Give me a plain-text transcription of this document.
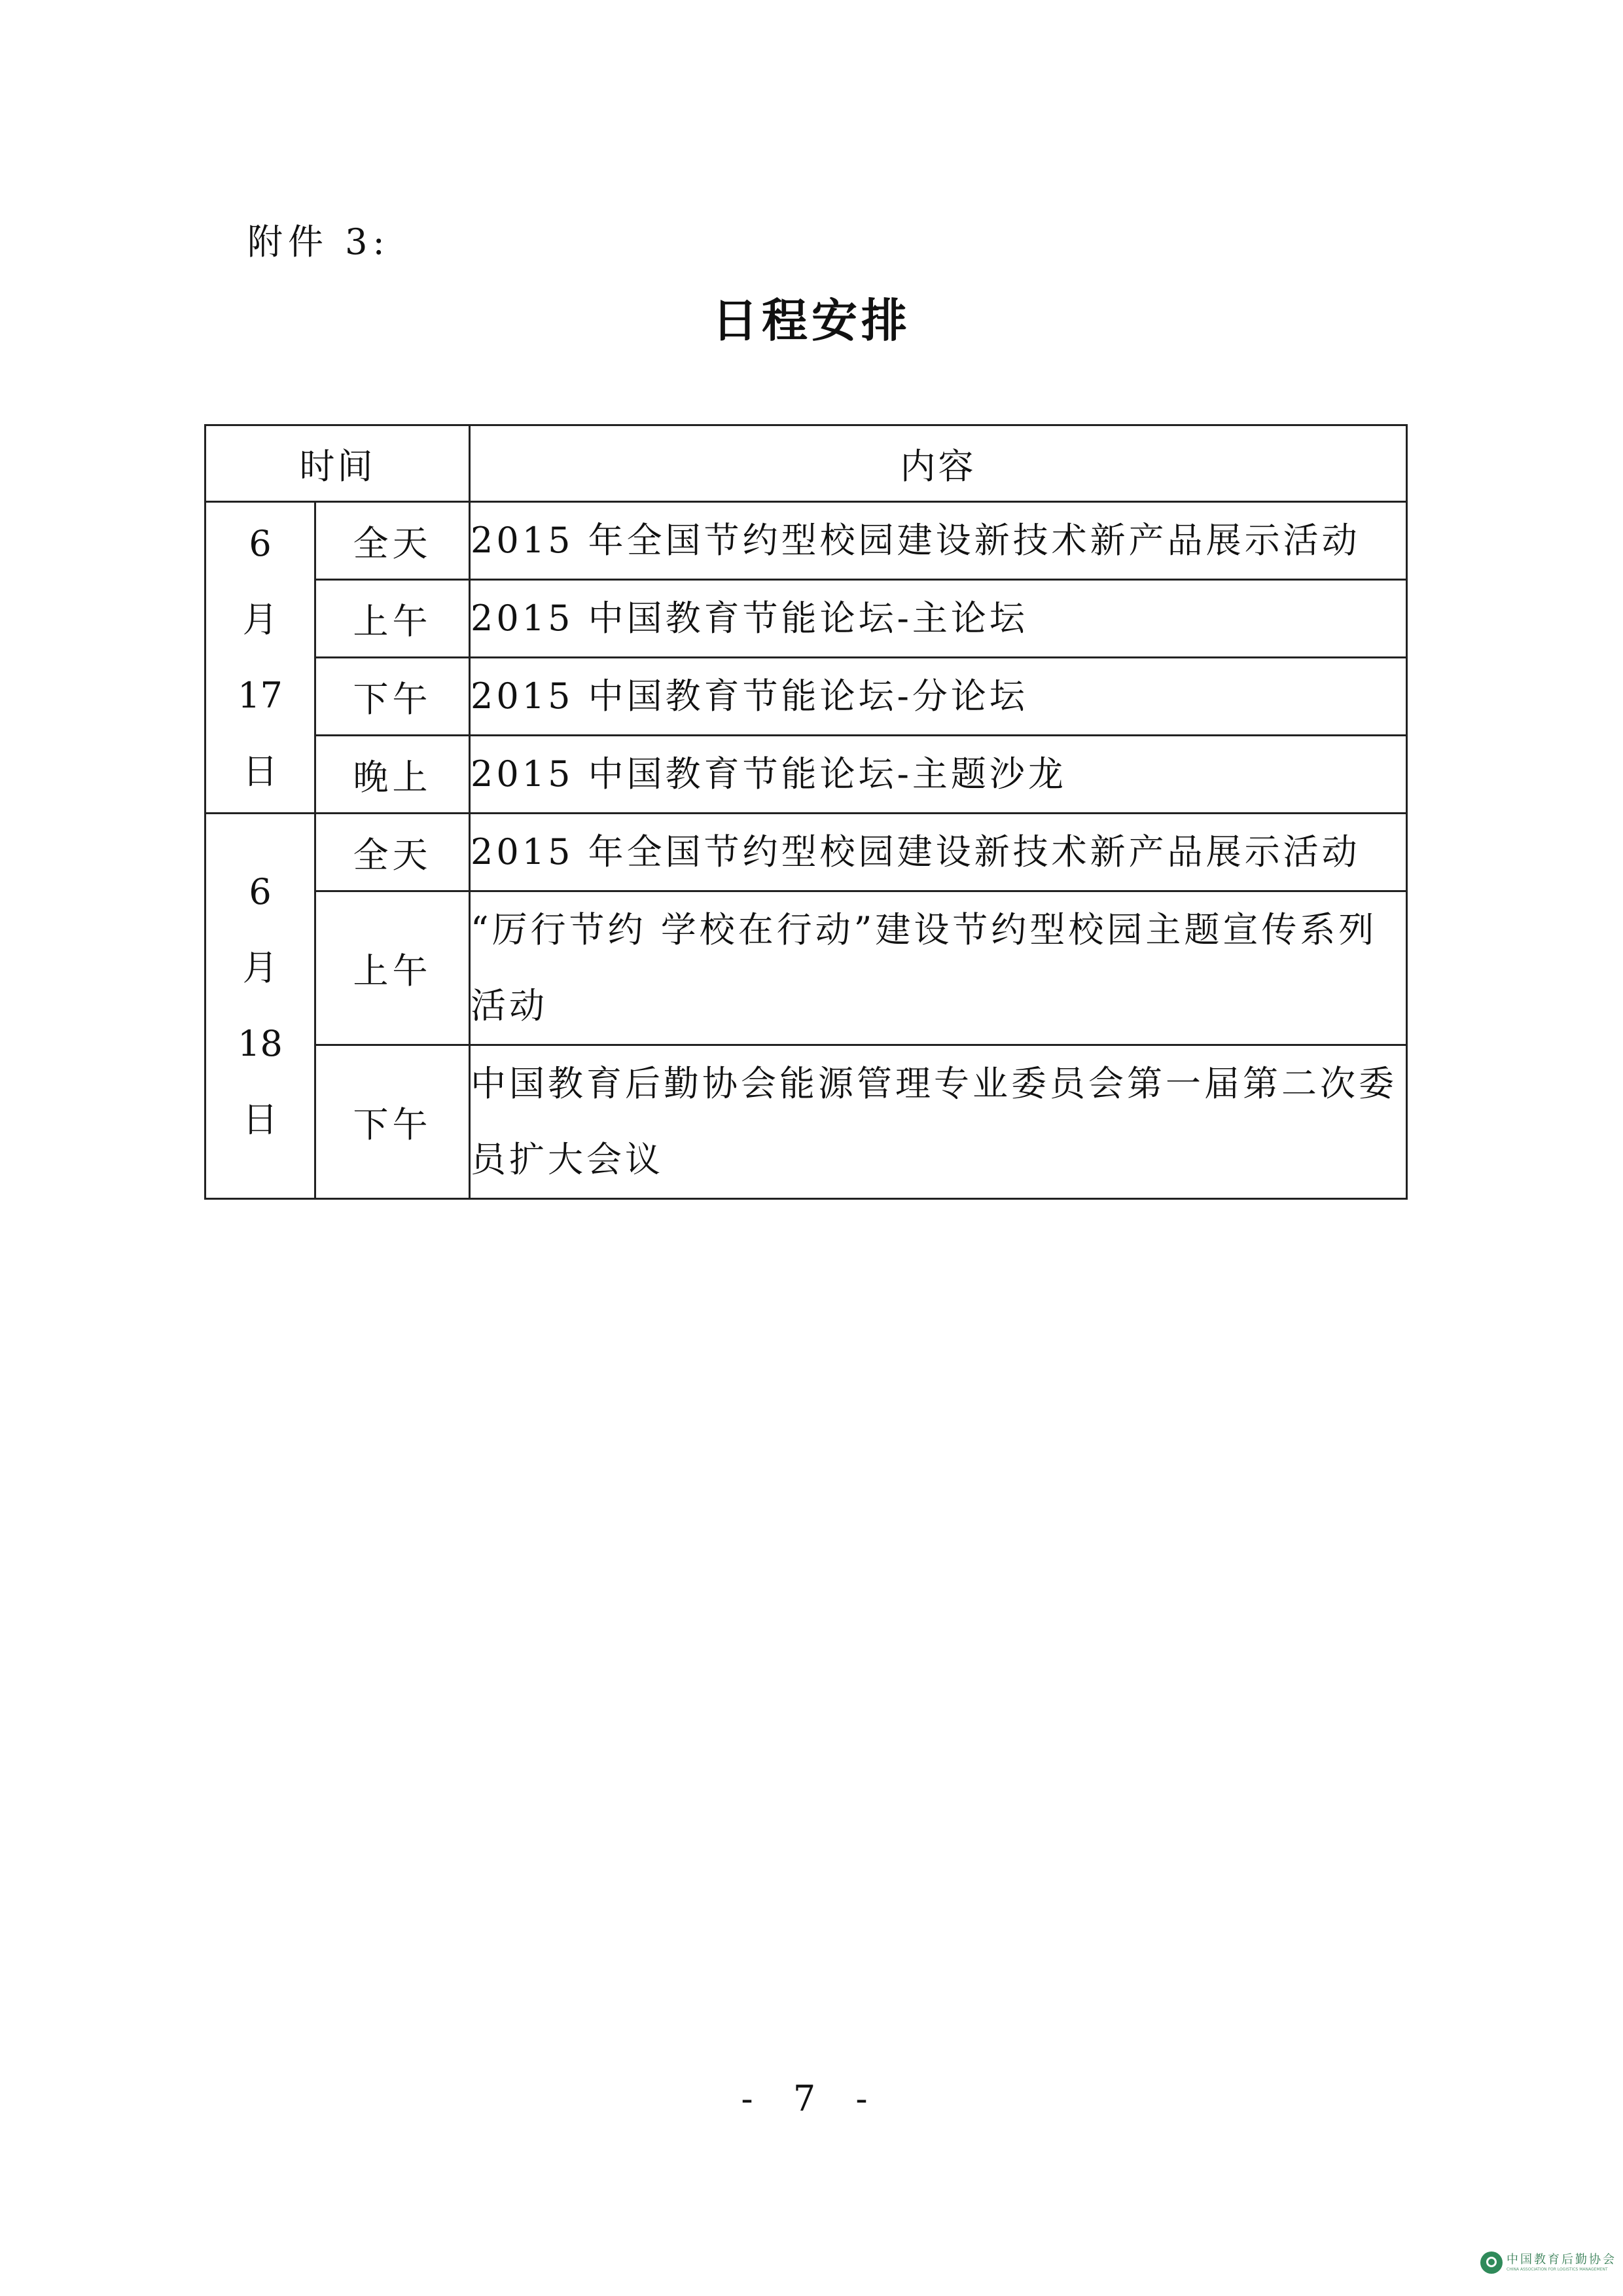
附件 3:
日程安排
时间		内容

6
月
17
日	全天	2015 年全国节约型校园建设新技术新产品展示活动
	上午	2015 中国教育节能论坛-主论坛
	下午	2015 中国教育节能论坛-分论坛
	晚上	2015 中国教育节能论坛-主题沙龙

6
月
18
日	全天	2015 年全国节约型校园建设新技术新产品展示活动
	上午	“厉行节约 学校在行动”建设节约型校园主题宣传系列活动
	下午	中国教育后勤协会能源管理专业委员会第一届第二次委员扩大会议
- 7 -
中国教育后勤协会
CHINA ASSOCIATION FOR LOGISTICS MANAGEMENT
